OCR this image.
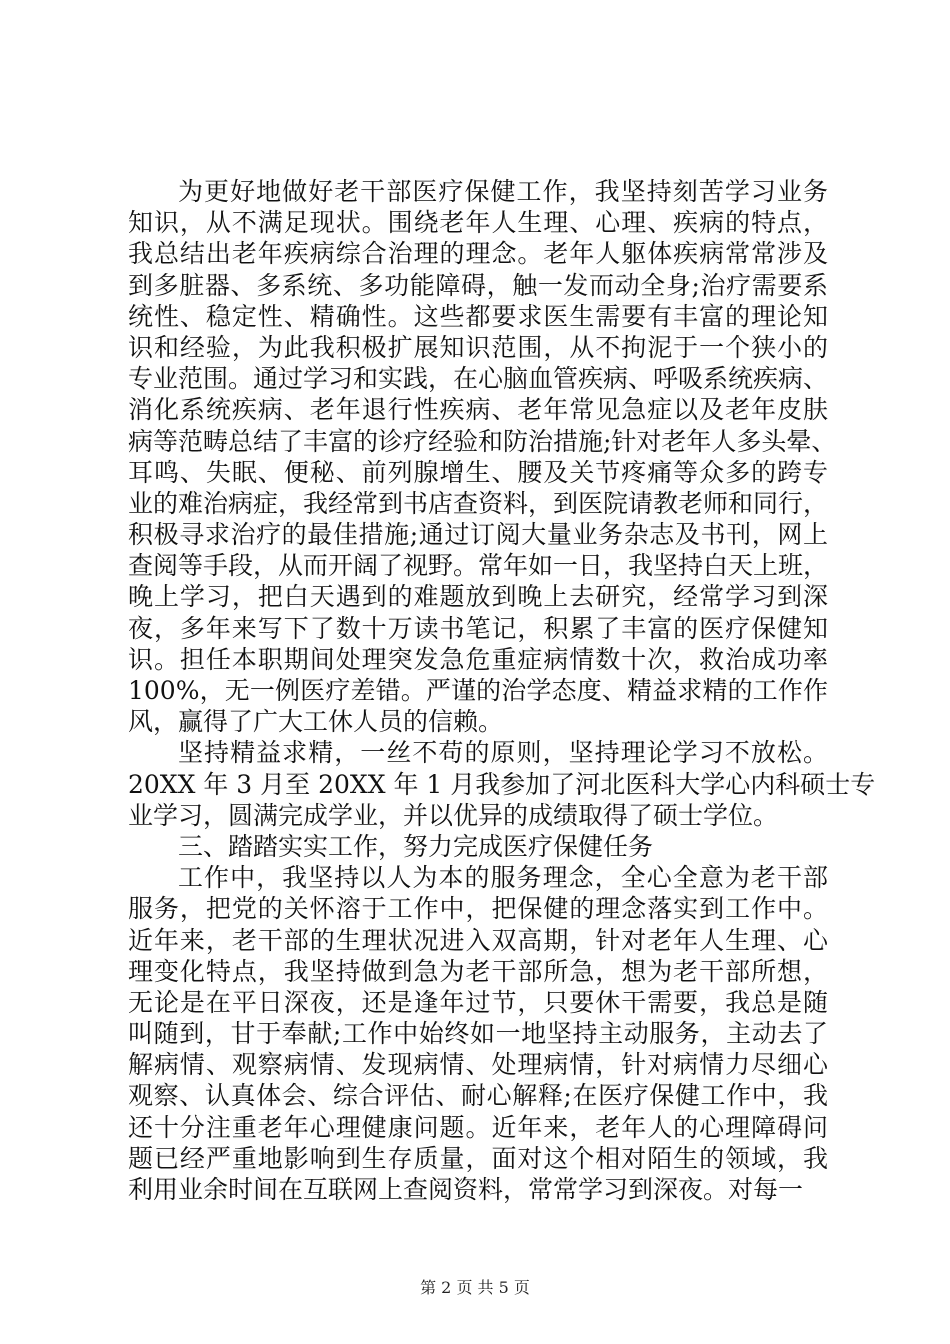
为更好地做好老干部医疗保健工作，我坚持刻苦学习业务
知识，从不满足现状。围绕老年人生理、心理、疾病的特点，
我总结出老年疾病综合治理的理念。老年人躯体疾病常常涉及
到多脏器、多系统、多功能障碍，触一发而动全身;治疗需要系
统性、稳定性、精确性。这些都要求医生需要有丰富的理论知
识和经验，为此我积极扩展知识范围，从不拘泥于一个狭小的
专业范围。通过学习和实践，在心脑血管疾病、呼吸系统疾病、
消化系统疾病、老年退行性疾病、老年常见急症以及老年皮肤
病等范畴总结了丰富的诊疗经验和防治措施;针对老年人多头晕、
耳鸣、失眠、便秘、前列腺增生、腰及关节疼痛等众多的跨专
业的难治病症，我经常到书店查资料，到医院请教老师和同行，
积极寻求治疗的最佳措施;通过订阅大量业务杂志及书刊，网上
查阅等手段，从而开阔了视野。常年如一日，我坚持白天上班，
晚上学习，把白天遇到的难题放到晚上去研究，经常学习到深
夜，多年来写下了数十万读书笔记，积累了丰富的医疗保健知
识。担任本职期间处理突发急危重症病情数十次，救治成功率
100%，无一例医疗差错。严谨的治学态度、精益求精的工作作
风，赢得了广大工休人员的信赖。
坚持精益求精，一丝不苟的原则，坚持理论学习不放松。
20XX 年 3 月至 20XX 年 1 月我参加了河北医科大学心内科硕士专
业学习，圆满完成学业，并以优异的成绩取得了硕士学位。
三、踏踏实实工作，努力完成医疗保健任务
工作中，我坚持以人为本的服务理念，全心全意为老干部
服务，把党的关怀溶于工作中，把保健的理念落实到工作中。
近年来，老干部的生理状况进入双高期，针对老年人生理、心
理变化特点，我坚持做到急为老干部所急，想为老干部所想，
无论是在平日深夜，还是逢年过节，只要休干需要，我总是随
叫随到，甘于奉献;工作中始终如一地坚持主动服务，主动去了
解病情、观察病情、发现病情、处理病情，针对病情力尽细心
观察、认真体会、综合评估、耐心解释;在医疗保健工作中，我
还十分注重老年心理健康问题。近年来，老年人的心理障碍问
题已经严重地影响到生存质量，面对这个相对陌生的领域，我
利用业余时间在互联网上查阅资料，常常学习到深夜。对每一
第 2 页 共 5 页
